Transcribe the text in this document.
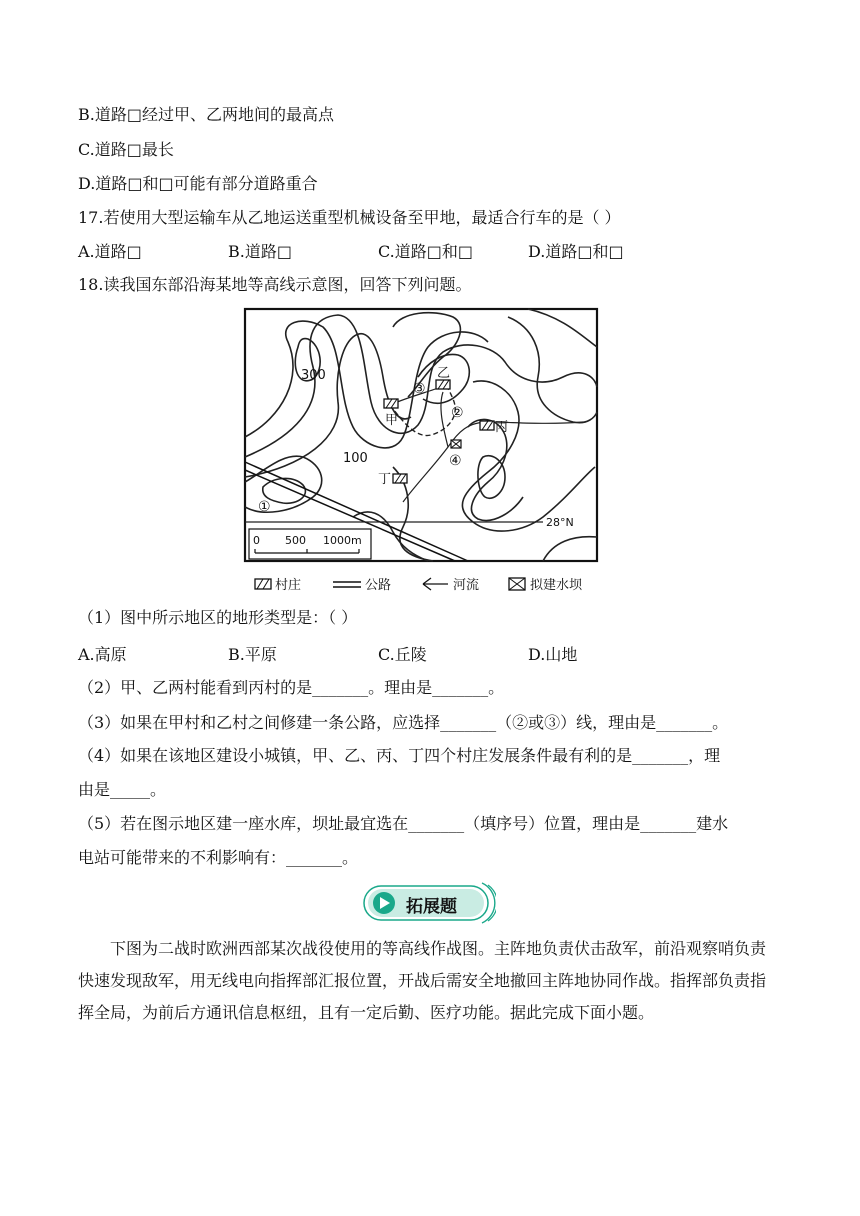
B.道路□经过甲、乙两地间的最高点
C.道路□最长
D.道路□和□可能有部分道路重合
17.若使用大型运输车从乙地运送重型机械设备至甲地，最适合行车的是（ ）
A.道路□	B.道路□	C.道路□和□	D.道路□和□
18.读我国东部沿海某地等高线示意图，回答下列问题。
28°N
300
100
甲
乙
丙
丁
①
②
③
④
0 500 1000m
村庄	公路	河流	拟建水坝
（1）图中所示地区的地形类型是：（ ）
A.高原	B.平原	C.丘陵	D.山地
（2）甲、乙两村能看到丙村的是_______。理由是_______。
（3）如果在甲村和乙村之间修建一条公路，应选择_______（②或③）线，理由是_______。
（4）如果在该地区建设小城镇，甲、乙、丙、丁四个村庄发展条件最有利的是_______，理
由是_____。
（5）若在图示地区建一座水库，坝址最宜选在_______（填序号）位置，理由是_______建水
电站可能带来的不利影响有：_______。
拓展题
下图为二战时欧洲西部某次战役使用的等高线作战图。主阵地负责伏击敌军，前沿观察哨负责快速发现敌军，用无线电向指挥部汇报位置，开战后需安全地撤回主阵地协同作战。指挥部负责指挥全局，为前后方通讯信息枢纽，且有一定后勤、医疗功能。据此完成下面小题。
